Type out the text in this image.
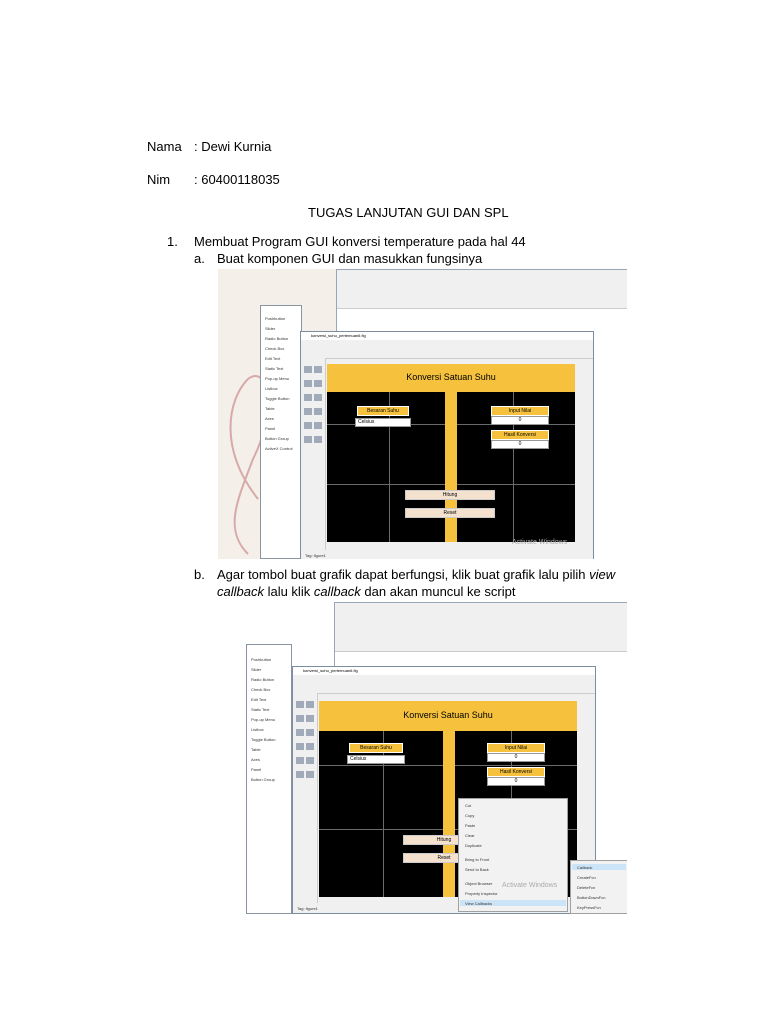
Nama : Dewi Kurnia
Nim : 60400118035
TUGAS LANJUTAN GUI DAN SPL
1. Membuat Program GUI konversi temperature pada hal 44
a. Buat komponen GUI dan masukkan fungsinya
Pushbutton
Slider
Radio Button
Check Box
Edit Text
Static Text
Pop-up Menu
Listbox
Toggle Button
Table
Axes
Panel
Button Group
ActiveX Control
konversi_suhu_pertemuan6.fig
Konversi Satuan Suhu
Besaran Suhu
Celsius
Input Nilai
0
Hasil Konversi
0
Hitung
Reset
Tag: figure1
Activate Windows
b. Agar tombol buat grafik dapat berfungsi, klik buat grafik lalu pilih view
callback lalu klik callback dan akan muncul ke script
Pushbutton
Slider
Radio Button
Check Box
Edit Text
Static Text
Pop-up Menu
Listbox
Toggle Button
Table
Axes
Panel
Button Group
konversi_suhu_pertemuan6.fig
Konversi Satuan Suhu
Besaran Suhu
Celsius
Input Nilai
0
Hasil Konversi
0
Hitung
Reset
Tag: figure1
Cut
Copy
Paste
Clear
Duplicate
Bring to Front
Send to Back
Object Browser
Property Inspector
View Callbacks
Callback
CreateFcn
DeleteFcn
ButtonDownFcn
KeyPressFcn
Activate Windows
